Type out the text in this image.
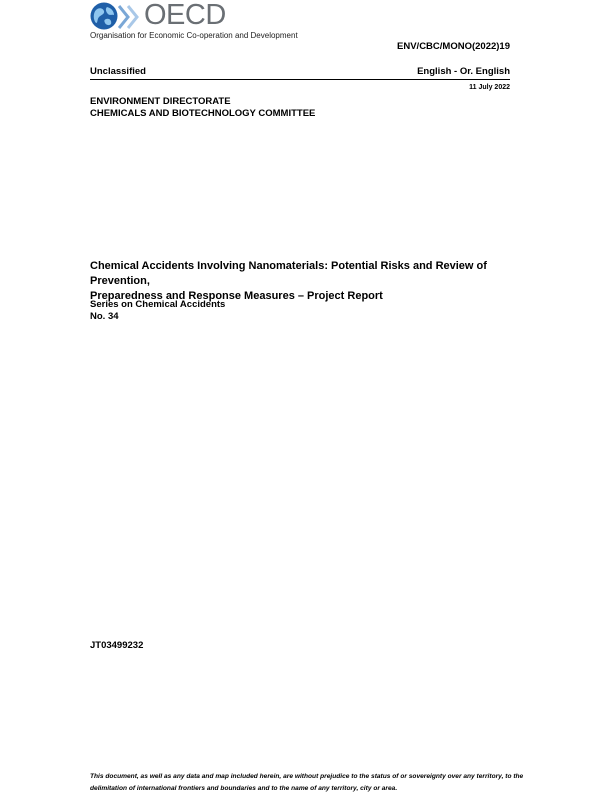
OECD
Organisation for Economic Co-operation and Development
ENV/CBC/MONO(2022)19
Unclassified	English - Or. English
11 July 2022
ENVIRONMENT DIRECTORATE
CHEMICALS AND BIOTECHNOLOGY COMMITTEE
Chemical Accidents Involving Nanomaterials: Potential Risks and Review of Prevention,
Preparedness and Response Measures – Project Report
Series on Chemical Accidents
No. 34
JT03499232
This document, as well as any data and map included herein, are without prejudice to the status of or sovereignty over any territory, to the
delimitation of international frontiers and boundaries and to the name of any territory, city or area.
